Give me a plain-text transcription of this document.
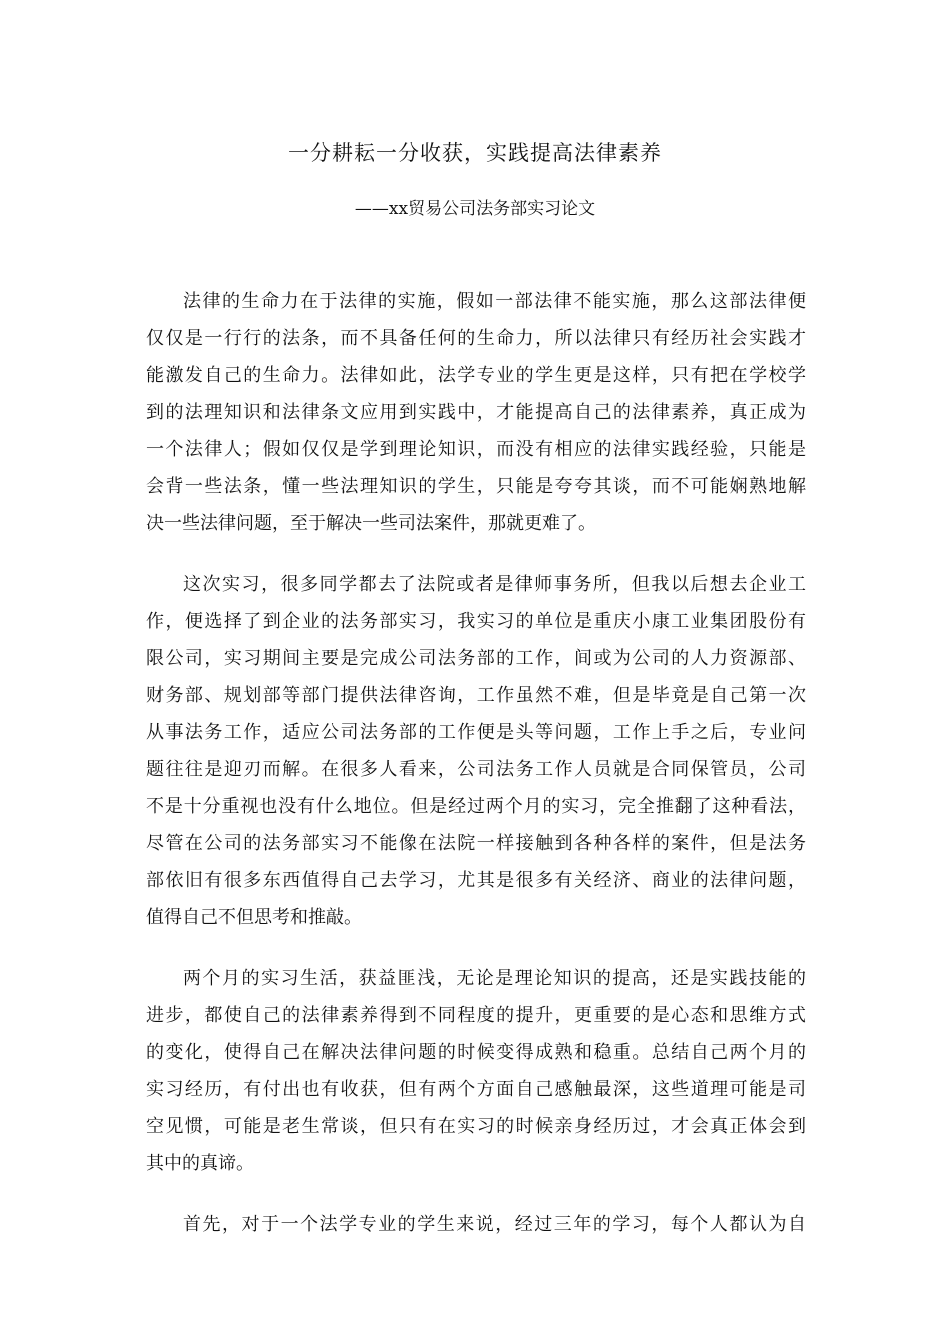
一分耕耘一分收获，实践提高法律素养
——xx贸易公司法务部实习论文
法律的生命力在于法律的实施，假如一部法律不能实施，那么这部法律便
仅仅是一行行的法条，而不具备任何的生命力，所以法律只有经历社会实践才
能激发自己的生命力。法律如此，法学专业的学生更是这样，只有把在学校学
到的法理知识和法律条文应用到实践中，才能提高自己的法律素养，真正成为
一个法律人；假如仅仅是学到理论知识，而没有相应的法律实践经验，只能是
会背一些法条，懂一些法理知识的学生，只能是夸夸其谈，而不可能娴熟地解
决一些法律问题，至于解决一些司法案件，那就更难了。
这次实习，很多同学都去了法院或者是律师事务所，但我以后想去企业工
作，便选择了到企业的法务部实习，我实习的单位是重庆小康工业集团股份有
限公司，实习期间主要是完成公司法务部的工作，间或为公司的人力资源部、
财务部、规划部等部门提供法律咨询，工作虽然不难，但是毕竟是自己第一次
从事法务工作，适应公司法务部的工作便是头等问题，工作上手之后，专业问
题往往是迎刃而解。在很多人看来，公司法务工作人员就是合同保管员，公司
不是十分重视也没有什么地位。但是经过两个月的实习，完全推翻了这种看法，
尽管在公司的法务部实习不能像在法院一样接触到各种各样的案件，但是法务
部依旧有很多东西值得自己去学习，尤其是很多有关经济、商业的法律问题，
值得自己不但思考和推敲。
两个月的实习生活，获益匪浅，无论是理论知识的提高，还是实践技能的
进步，都使自己的法律素养得到不同程度的提升，更重要的是心态和思维方式
的变化，使得自己在解决法律问题的时候变得成熟和稳重。总结自己两个月的
实习经历，有付出也有收获，但有两个方面自己感触最深，这些道理可能是司
空见惯，可能是老生常谈，但只有在实习的时候亲身经历过，才会真正体会到
其中的真谛。
首先，对于一个法学专业的学生来说，经过三年的学习，每个人都认为自
